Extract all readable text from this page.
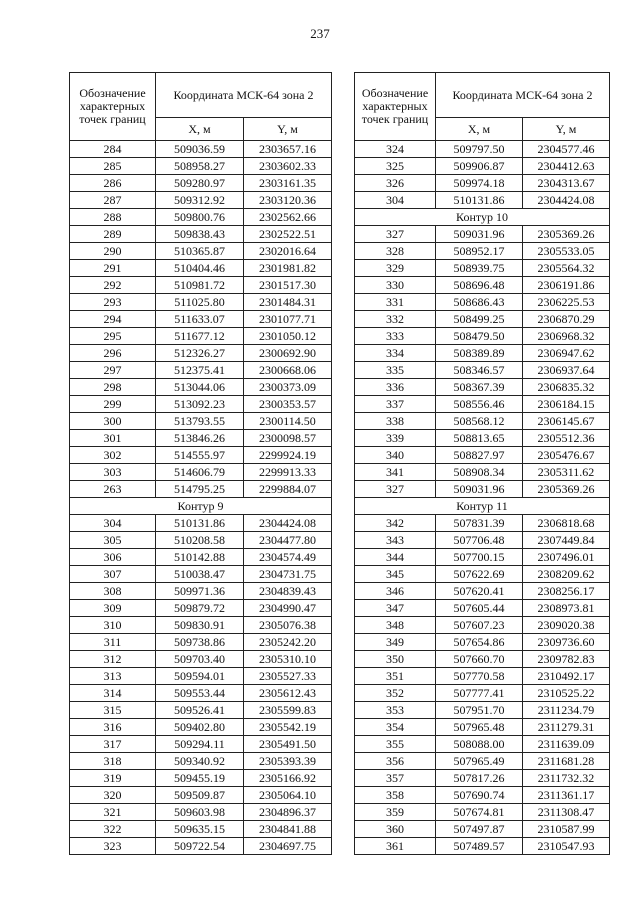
237
Обозначение характерных точек границ	Координата МСК-64 зона 2	
	X, м	Y, м
284	509036.59	2303657.16
285	508958.27	2303602.33
286	509280.97	2303161.35
287	509312.92	2303120.36
288	509800.76	2302562.66
289	509838.43	2302522.51
290	510365.87	2302016.64
291	510404.46	2301981.82
292	510981.72	2301517.30
293	511025.80	2301484.31
294	511633.07	2301077.71
295	511677.12	2301050.12
296	512326.27	2300692.90
297	512375.41	2300668.06
298	513044.06	2300373.09
299	513092.23	2300353.57
300	513793.55	2300114.50
301	513846.26	2300098.57
302	514555.97	2299924.19
303	514606.79	2299913.33
263	514795.25	2299884.07
Контур 9		
304	510131.86	2304424.08
305	510208.58	2304477.80
306	510142.88	2304574.49
307	510038.47	2304731.75
308	509971.36	2304839.43
309	509879.72	2304990.47
310	509830.91	2305076.38
311	509738.86	2305242.20
312	509703.40	2305310.10
313	509594.01	2305527.33
314	509553.44	2305612.43
315	509526.41	2305599.83
316	509402.80	2305542.19
317	509294.11	2305491.50
318	509340.92	2305393.39
319	509455.19	2305166.92
320	509509.87	2305064.10
321	509603.98	2304896.37
322	509635.15	2304841.88
323	509722.54	2304697.75
Обозначение характерных точек границ	Координата МСК-64 зона 2	
	X, м	Y, м
324	509797.50	2304577.46
325	509906.87	2304412.63
326	509974.18	2304313.67
304	510131.86	2304424.08
Контур 10		
327	509031.96	2305369.26
328	508952.17	2305533.05
329	508939.75	2305564.32
330	508696.48	2306191.86
331	508686.43	2306225.53
332	508499.25	2306870.29
333	508479.50	2306968.32
334	508389.89	2306947.62
335	508346.57	2306937.64
336	508367.39	2306835.32
337	508556.46	2306184.15
338	508568.12	2306145.67
339	508813.65	2305512.36
340	508827.97	2305476.67
341	508908.34	2305311.62
327	509031.96	2305369.26
Контур 11		
342	507831.39	2306818.68
343	507706.48	2307449.84
344	507700.15	2307496.01
345	507622.69	2308209.62
346	507620.41	2308256.17
347	507605.44	2308973.81
348	507607.23	2309020.38
349	507654.86	2309736.60
350	507660.70	2309782.83
351	507770.58	2310492.17
352	507777.41	2310525.22
353	507951.70	2311234.79
354	507965.48	2311279.31
355	508088.00	2311639.09
356	507965.49	2311681.28
357	507817.26	2311732.32
358	507690.74	2311361.17
359	507674.81	2311308.47
360	507497.87	2310587.99
361	507489.57	2310547.93
